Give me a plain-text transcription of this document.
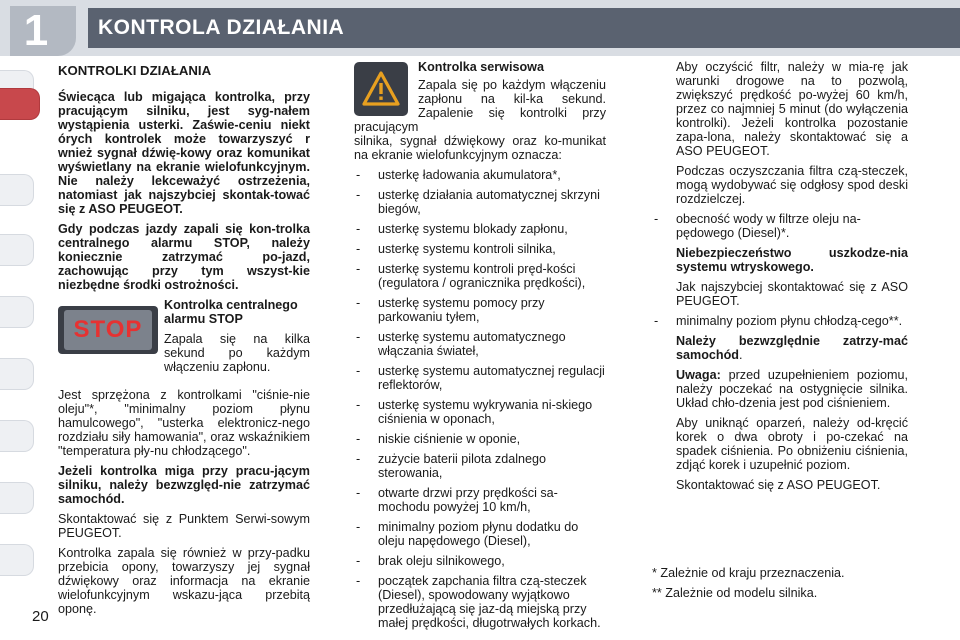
1	KONTROLA DZIAŁANIA
KONTROLKI DZIAŁANIA

Świecąca lub migająca kontrolka, przy pracującym silniku, jest syg-nałem wystąpienia usterki. Zaświe-ceniu niekt órych kontrolek może towarzyszyć r wnież sygnał dźwię-kowy oraz komunikat wyświetlany na ekranie wielofunkcyjnym. Nie należy lekceważyć ostrzeżenia, natomiast jak najszybciej skontak-tować się z ASO PEUGEOT.

Gdy podczas jazdy zapali się kon-trolka centralnego alarmu STOP, należy koniecznie zatrzymać po-jazd, zachowując przy tym wszyst-kie niezbędne środki ostrożności.

STOP

Kontrolka centralnego alarmu STOP

Zapala się na kilka sekund po każdym włączeniu zapłonu.

Jest sprzężona z kontrolkami "ciśnie-nie oleju"*, "minimalny poziom płynu hamulcowego", "usterka elektronicz-nego rozdziału siły hamowania", oraz wskaźnikiem "temperatura pły-nu chłodzącego".

Jeżeli kontrolka miga przy pracu-jącym silniku, należy bezwzględ-nie zatrzymać samochód.

Skontaktować się z Punktem Serwi-sowym PEUGEOT.

Kontrolka zapala się również w przy-padku przebicia opony, towarzyszy jej sygnał dźwiękowy oraz informacja na ekranie wielofunkcyjnym wskazu-jąca przebitą oponę.

Kontrolka serwisowa

Zapala się po każdym włączeniu zapłonu na kil-ka sekund. Zapalenie się kontrolki przy pracującym

silnika, sygnał dźwiękowy oraz ko-munikat na ekranie wielofunkcyjnym oznacza:

- usterkę ładowania akumulatora*,
- usterkę działania automatycznej skrzyni biegów,
- usterkę systemu blokady zapłonu,
- usterkę systemu kontroli silnika,
- usterkę systemu kontroli pręd-kości (regulatora / ogranicznika prędkości),
- usterkę systemu pomocy przy parkowaniu tyłem,
- usterkę systemu automatycznego włączania świateł,
- usterkę systemu automatycznej regulacji reflektorów,
- usterkę systemu wykrywania ni-skiego ciśnienia w oponach,
- niskie ciśnienie w oponie,
- zużycie baterii pilota zdalnego sterowania,
- otwarte drzwi przy prędkości sa-mochodu powyżej 10 km/h,
- minimalny poziom płynu dodatku do oleju napędowego (Diesel),
- brak oleju silnikowego,
- początek zapchania filtra czą-steczek (Diesel), spowodowany wyjątkowo przedłużającą się jaz-dą miejską przy małej prędkości, długotrwałych korkach.

Aby oczyścić filtr, należy w mia-rę jak warunki drogowe na to pozwolą, zwiększyć prędkość po-wyżej 60 km/h, przez co najmniej 5 minut (do wyłączenia kontrolki). Jeżeli kontrolka pozostanie zapa-lona, należy skontaktować się a ASO PEUGEOT.

Podczas oczyszczania filtra czą-steczek, mogą wydobywać się odgłosy spod deski rozdzielczej.

- obecność wody w filtrze oleju na-pędowego (Diesel)*.

Niebezpieczeństwo uszkodze-nia systemu wtryskowego.

Jak najszybciej skontaktować się z ASO PEUGEOT.

- minimalny poziom płynu chłodzą-cego**.

Należy bezwzględnie zatrzy-mać samochód.

Uwaga: przed uzupełnieniem poziomu, należy poczekać na ostygnięcie silnika. Układ chło-dzenia jest pod ciśnieniem.

Aby uniknąć oparzeń, należy od-kręcić korek o dwa obroty i po-czekać na spadek ciśnienia. Po obniżeniu ciśnienia, zdjąć korek i uzupełnić poziom.

Skontaktować się z ASO PEUGEOT.

* Zależnie od kraju przeznaczenia.

** Zależnie od modelu silnika.

20
